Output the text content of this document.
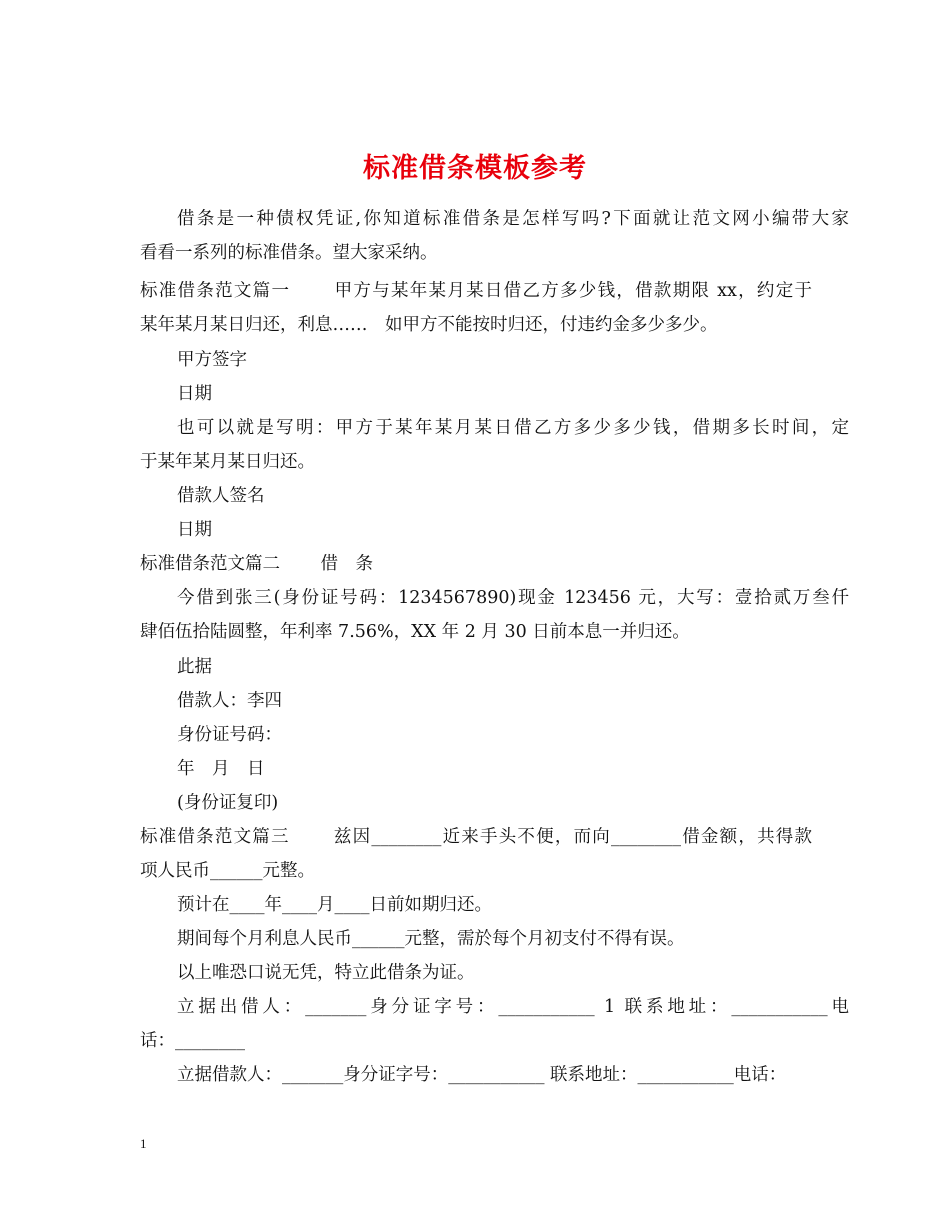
标准借条模板参考
借条是一种债权凭证,你知道标准借条是怎样写吗?下面就让范文网小编带大家
看看一系列的标准借条。望大家采纳。
标准借条范文篇一　　 甲方与某年某月某日借乙方多少钱，借款期限 xx，约定于
某年某月某日归还，利息……　如甲方不能按时归还，付违约金多少多少。
甲方签字
日期
也可以就是写明：甲方于某年某月某日借乙方多少多少钱，借期多长时间，定
于某年某月某日归还。
借款人签名
日期
标准借条范文篇二　　 借　条
今借到张三(身份证号码：1234567890)现金 123456 元，大写：壹拾贰万叁仟
肆佰伍拾陆圆整，年利率 7.56%，XX 年 2 月 30 日前本息一并归还。
此据
借款人：李四
身份证号码：
年　月　日
(身份证复印)
标准借条范文篇三　　 兹因________近来手头不便，而向________借金额，共得款
项人民币______元整。
预计在____年____月____日前如期归还。
期间每个月利息人民币______元整，需於每个月初支付不得有误。
以上唯恐口说无凭，特立此借条为证。
立据出借人：_______身分证字号：___________ 1 联系地址：___________电
话：________
立据借款人：_______身分证字号：___________ 联系地址：___________电话：
1
